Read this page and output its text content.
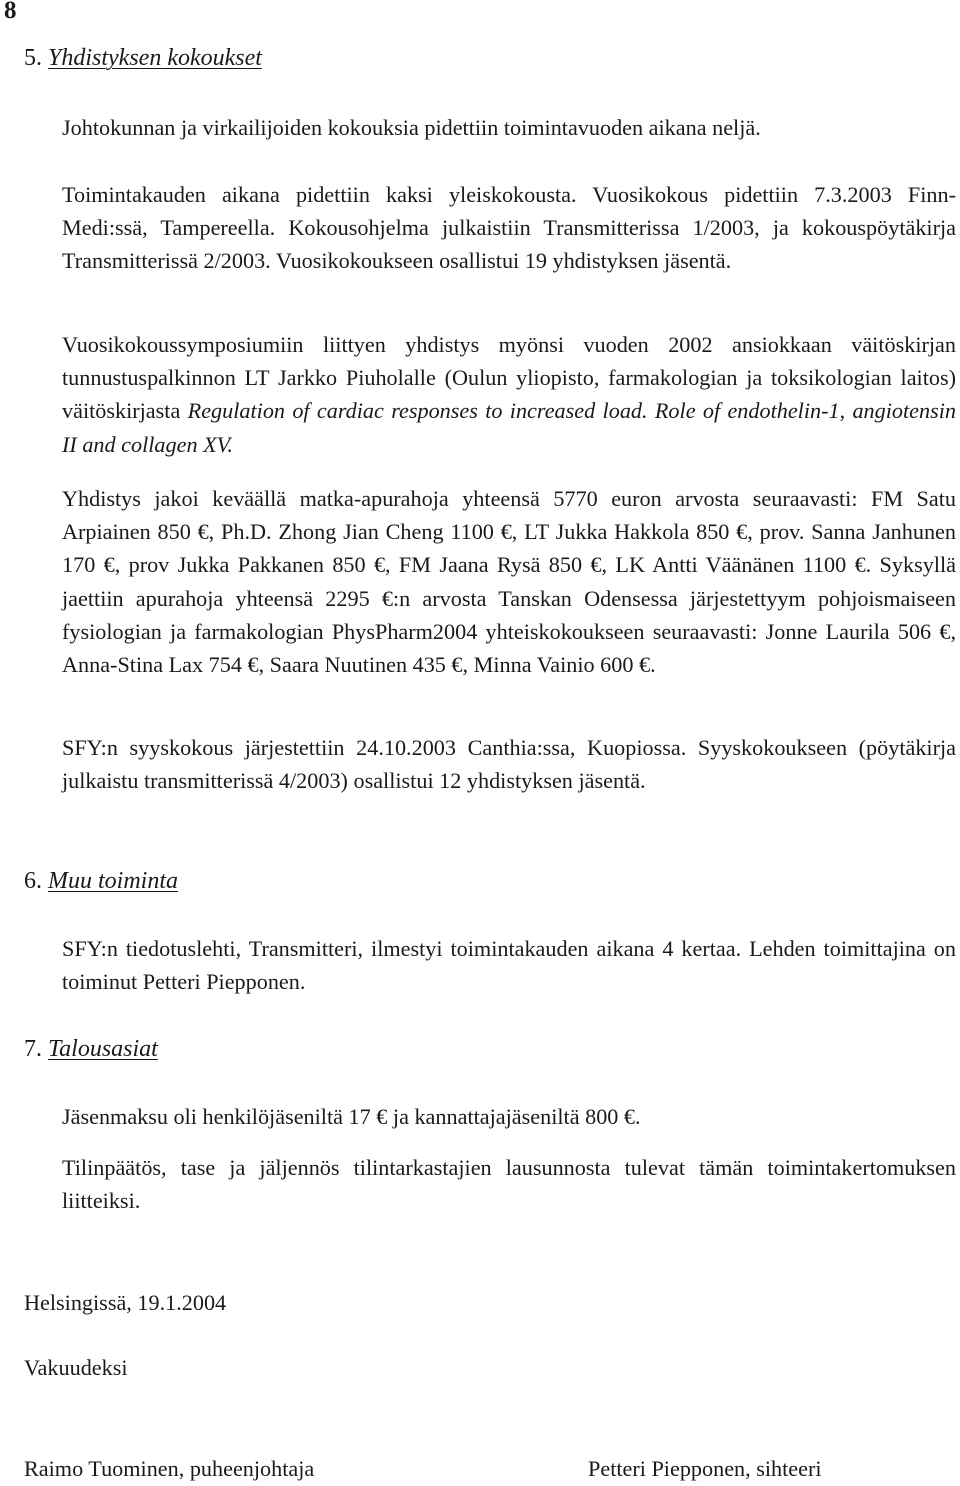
8
5. Yhdistyksen kokoukset

Johtokunnan ja virkailijoiden kokouksia pidettiin toimintavuoden aikana neljä.

Toimintakauden aikana pidettiin kaksi yleiskokousta. Vuosikokous pidettiin 7.3.2003 Finn-Medi:ssä, Tampereella. Kokousohjelma julkaistiin Transmitterissa 1/2003, ja kokouspöytäkirja Transmitterissä 2/2003. Vuosikokoukseen osallistui 19 yhdistyksen jäsentä.

Vuosikokoussymposiumiin liittyen yhdistys myönsi vuoden 2002 ansiokkaan väitöskirjan tunnustuspalkinnon LT Jarkko Piuholalle (Oulun yliopisto, farmakologian ja toksikologian laitos) väitöskirjasta Regulation of cardiac responses to increased load. Role of endothelin-1, angiotensin II and collagen XV.

Yhdistys jakoi keväällä matka-apurahoja yhteensä 5770 euron arvosta seuraavasti: FM Satu Arpiainen 850 €, Ph.D. Zhong Jian Cheng 1100 €, LT Jukka Hakkola 850 €, prov. Sanna Janhunen 170 €, prov Jukka Pakkanen 850 €, FM Jaana Rysä 850 €, LK Antti Väänänen 1100 €. Syksyllä jaettiin apurahoja yhteensä 2295 €:n arvosta Tanskan Odensessa järjestettyym pohjoismaiseen fysiologian ja farmakologian PhysPharm2004 yhteiskokoukseen seuraavasti: Jonne Laurila 506 €, Anna-Stina Lax 754 €, Saara Nuutinen 435 €, Minna Vainio 600 €.

SFY:n syyskokous järjestettiin 24.10.2003 Canthia:ssa, Kuopiossa. Syyskokoukseen (pöytäkirja julkaistu transmitterissä 4/2003) osallistui 12 yhdistyksen jäsentä.

6. Muu toiminta

SFY:n tiedotuslehti, Transmitteri, ilmestyi toimintakauden aikana 4 kertaa. Lehden toimittajina on toiminut Petteri Piepponen.

7. Talousasiat

Jäsenmaksu oli henkilöjäseniltä 17 € ja kannattajajäseniltä 800 €.

Tilinpäätös, tase ja jäljennös tilintarkastajien lausunnosta tulevat tämän toimintakertomuksen liitteiksi.

Helsingissä, 19.1.2004
Vakuudeksi
Raimo Tuominen, puheenjohtaja	Petteri Piepponen, sihteeri
